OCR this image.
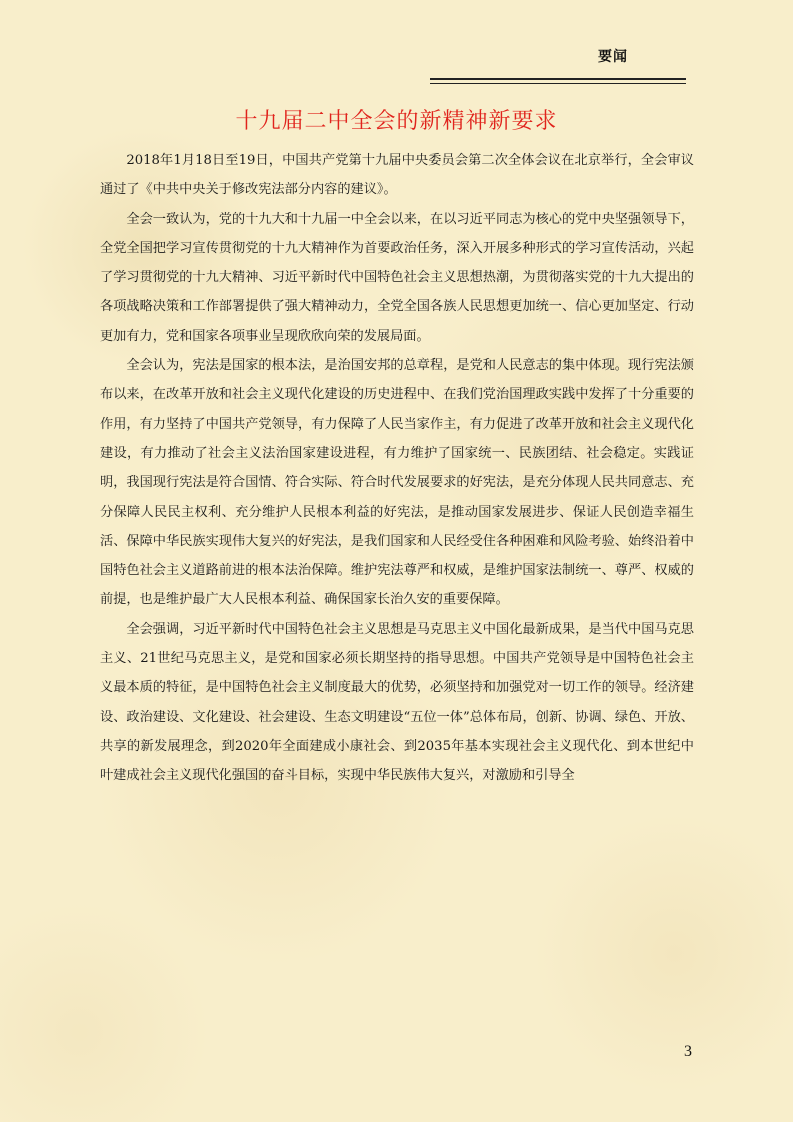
要闻
十九届二中全会的新精神新要求

2018年1月18日至19日，中国共产党第十九届中央委员会第二次全体会议在北京举行，全会审议通过了《中共中央关于修改宪法部分内容的建议》。

全会一致认为，党的十九大和十九届一中全会以来，在以习近平同志为核心的党中央坚强领导下，全党全国把学习宣传贯彻党的十九大精神作为首要政治任务，深入开展多种形式的学习宣传活动，兴起了学习贯彻党的十九大精神、习近平新时代中国特色社会主义思想热潮，为贯彻落实党的十九大提出的各项战略决策和工作部署提供了强大精神动力，全党全国各族人民思想更加统一、信心更加坚定、行动更加有力，党和国家各项事业呈现欣欣向荣的发展局面。

全会认为，宪法是国家的根本法，是治国安邦的总章程，是党和人民意志的集中体现。现行宪法颁布以来，在改革开放和社会主义现代化建设的历史进程中、在我们党治国理政实践中发挥了十分重要的作用，有力坚持了中国共产党领导，有力保障了人民当家作主，有力促进了改革开放和社会主义现代化建设，有力推动了社会主义法治国家建设进程，有力维护了国家统一、民族团结、社会稳定。实践证明，我国现行宪法是符合国情、符合实际、符合时代发展要求的好宪法，是充分体现人民共同意志、充分保障人民民主权利、充分维护人民根本利益的好宪法，是推动国家发展进步、保证人民创造幸福生活、保障中华民族实现伟大复兴的好宪法，是我们国家和人民经受住各种困难和风险考验、始终沿着中国特色社会主义道路前进的根本法治保障。维护宪法尊严和权威，是维护国家法制统一、尊严、权威的前提，也是维护最广大人民根本利益、确保国家长治久安的重要保障。

全会强调，习近平新时代中国特色社会主义思想是马克思主义中国化最新成果，是当代中国马克思主义、21世纪马克思主义，是党和国家必须长期坚持的指导思想。中国共产党领导是中国特色社会主义最本质的特征，是中国特色社会主义制度最大的优势，必须坚持和加强党对一切工作的领导。经济建设、政治建设、文化建设、社会建设、生态文明建设“五位一体”总体布局，创新、协调、绿色、开放、共享的新发展理念，到2020年全面建成小康社会、到2035年基本实现社会主义现代化、到本世纪中叶建成社会主义现代化强国的奋斗目标，实现中华民族伟大复兴，对激励和引导全

3
